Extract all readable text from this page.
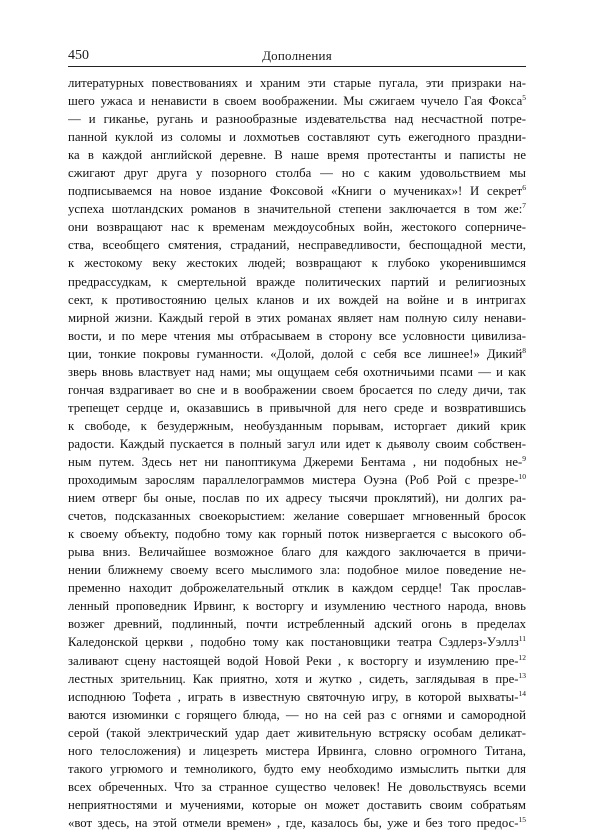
450	Дополнения
литературных повествованиях и храним эти старые пугала, эти призраки на-
шего ужаса и ненависти в своем воображении. Мы сжигаем чучело Гая Фокса$^5$
— и гиканье, ругань и разнообразные издевательства над несчастной потре-
панной куклой из соломы и лохмотьев составляют суть ежегодного праздни-
ка в каждой английской деревне. В наше время протестанты и паписты не
сжигают друг друга у позорного столба — но с каким удовольствием мы
подписываемся на новое издание Фоксовой «Книги о мучениках»! И секрет$^6$
успеха шотландских романов в значительной степени заключается в том же:$^7$
они возвращают нас к временам междоусобных войн, жестокого соперниче-
ства, всеобщего смятения, страданий, несправедливости, беспощадной мести,
к жестокому веку жестоких людей; возвращают к глубоко укоренившимся
предрассудкам, к смертельной вражде политических партий и религиозных
сект, к противостоянию целых кланов и их вождей на войне и в интригах
мирной жизни. Каждый герой в этих романах являет нам полную силу ненави-
вости, и по мере чтения мы отбрасываем в сторону все условности цивилиза-
ции, тонкие покровы гуманности. «Долой, долой с себя все лишнее!» Дикий$^8$
зверь вновь властвует над нами; мы ощущаем себя охотничьими псами — и как
гончая вздрагивает во сне и в воображении своем бросается по следу дичи, так
трепещет сердце и, оказавшись в привычной для него среде и возвратившись
к свободе, к безудержным, необузданным порывам, исторгает дикий крик
радости. Каждый пускается в полный загул или идет к дьяволу своим собствен-
ным путем. Здесь нет ни паноптикума Джереми Бентама , ни подобных не-$^9$
проходимым зарослям параллелограммов мистера Оуэна (Роб Рой с презре-$^{10}$
нием отверг бы оные, послав по их адресу тысячи проклятий), ни долгих ра-
счетов, подсказанных своекорыстием: желание совершает мгновенный бросок
к своему объекту, подобно тому как горный поток низвергается с высокого об-
рыва вниз. Величайшее возможное благо для каждого заключается в причи-
нении ближнему своему всего мыслимого зла: подобное милое поведение не-
пременно находит доброжелательный отклик в каждом сердце! Так прослав-
ленный проповедник Ирвинг, к восторгу и изумлению честного народа, вновь
возжег древний, подлинный, почти истребленный адский огонь в пределах
Каледонской церкви , подобно тому как постановщики театра Сэдлерз-Уэллз$^{11}$
заливают сцену настоящей водой Новой Реки , к восторгу и изумлению пре-$^{12}$
лестных зрительниц. Как приятно, хотя и жутко , сидеть, заглядывая в пре-$^{13}$
исподнюю Тофета , играть в известную святочную игру, в которой выхваты-$^{14}$
ваются изюминки с горящего блюда, — но на сей раз с огнями и самородной
серой (такой электрический удар дает живительную встряску особам деликат-
ного телосложения) и лицезреть мистера Ирвинга, словно огромного Титана,
такого угрюмого и темноликого, будто ему необходимо измыслить пытки для
всех обреченных. Что за странное существо человек! Не довольствуясь всеми
неприятностями и мучениями, которые он может доставить своим собратьям
«вот здесь, на этой отмели времен» , где, казалось бы, уже и без того предос-$^{15}$
